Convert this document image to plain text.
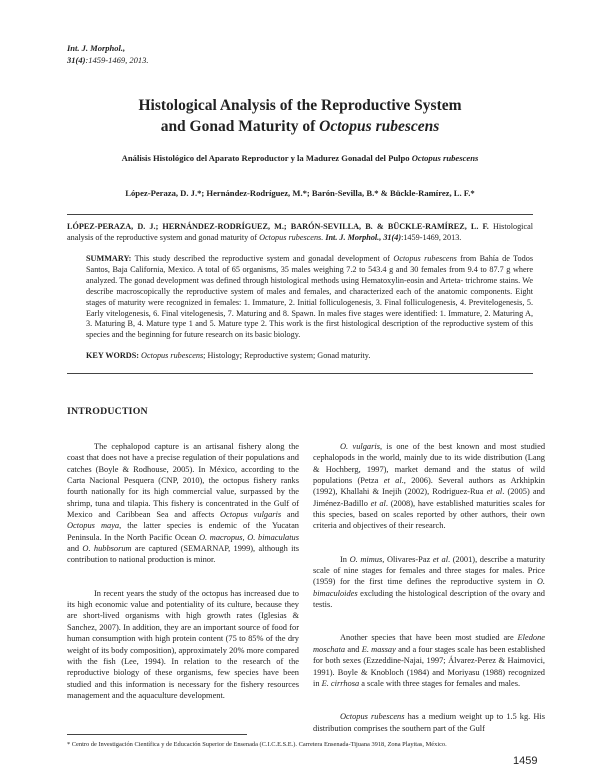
Int. J. Morphol.,
31(4):1459-1469, 2013.
Histological Analysis of the Reproductive System
and Gonad Maturity of Octopus rubescens
Análisis Histológico del Aparato Reproductor y la Madurez Gonadal del Pulpo Octopus rubescens
López-Peraza, D. J.*; Hernández-Rodríguez, M.*; Barón-Sevilla, B.* & Bückle-Ramírez, L. F.*
LÓPEZ-PERAZA, D. J.; HERNÁNDEZ-RODRÍGUEZ, M.; BARÓN-SEVILLA, B. & BÜCKLE-RAMÍREZ, L. F. Histological analysis of the reproductive system and gonad maturity of Octopus rubescens. Int. J. Morphol., 31(4):1459-1469, 2013.
SUMMARY: This study described the reproductive system and gonadal development of Octopus rubescens from Bahía de Todos Santos, Baja California, Mexico. A total of 65 organisms, 35 males weighing 7.2 to 543.4 g and 30 females from 9.4 to 87.7 g where analyzed. The gonad development was defined through histological methods using Hematoxylin-eosin and Arteta- trichrome stains. We describe macroscopically the reproductive system of males and females, and characterized each of the anatomic components. Eight stages of maturity were recognized in females: 1. Immature, 2. Initial folliculogenesis, 3. Final folliculogenesis, 4. Previtelogenesis, 5. Early vitelogenesis, 6. Final vitelogenesis, 7. Maturing and 8. Spawn. In males five stages were identified: 1. Immature, 2. Maturing A, 3. Maturing B, 4. Mature type 1 and 5. Mature type 2. This work is the first histological description of the reproductive system of this species and the beginning for future research on its basic biology.
KEY WORDS: Octopus rubescens; Histology; Reproductive system; Gonad maturity.
INTRODUCTION

The cephalopod capture is an artisanal fishery along the coast that does not have a precise regulation of their populations and catches (Boyle & Rodhouse, 2005). In México, according to the Carta Nacional Pesquera (CNP, 2010), the octopus fishery ranks fourth nationally for its high commercial value, surpassed by the shrimp, tuna and tilapia. This fishery is concentrated in the Gulf of Mexico and Caribbean Sea and affects Octopus vulgaris and Octopus maya, the latter species is endemic of the Yucatan Peninsula. In the North Pacific Ocean O. macropus, O. bimaculatus and O. hubbsorum are captured (SEMARNAP, 1999), although its contribution to national production is minor.

In recent years the study of the octopus has increased due to its high economic value and potentiality of its culture, because they are short-lived organisms with high growth rates (Iglesias & Sanchez, 2007). In addition, they are an important source of food for human consumption with high protein content (75 to 85% of the dry weight of its body composition), approximately 20% more compared with the fish (Lee, 1994). In relation to the research of the reproductive biology of these organisms, few species have been studied and this information is necessary for the fishery resources management and the aquaculture development.

O. vulgaris, is one of the best known and most studied cephalopods in the world, mainly due to its wide distribution (Lang & Hochberg, 1997), market demand and the status of wild populations (Petza et al., 2006). Several authors as Arkhipkin (1992), Khallahi & Inejih (2002), Rodriguez-Rua et al. (2005) and Jiménez-Badillo et al. (2008), have established maturities scales for this species, based on scales reported by other authors, their own criteria and objectives of their research.

In O. mimus, Olivares-Paz et al. (2001), describe a maturity scale of nine stages for females and three stages for males. Price (1959) for the first time defines the reproductive system in O. bimaculoides excluding the histological description of the ovary and testis.

Another species that have been most studied are Eledone moschata and E. massay and a four stages scale has been established for both sexes (Ezzeddine-Najai, 1997; Álvarez-Perez & Haimovici, 1991). Boyle & Knobloch (1984) and Moriyasu (1988) recognized in E. cirrhosa a scale with three stages for females and males.

Octopus rubescens has a medium weight up to 1.5 kg. His distribution comprises the southern part of the Gulf

* Centro de Investigación Científica y de Educación Superior de Ensenada (C.I.C.E.S.E.). Carretera Ensenada-Tijuana 3918, Zona Playitas, México.
1459
